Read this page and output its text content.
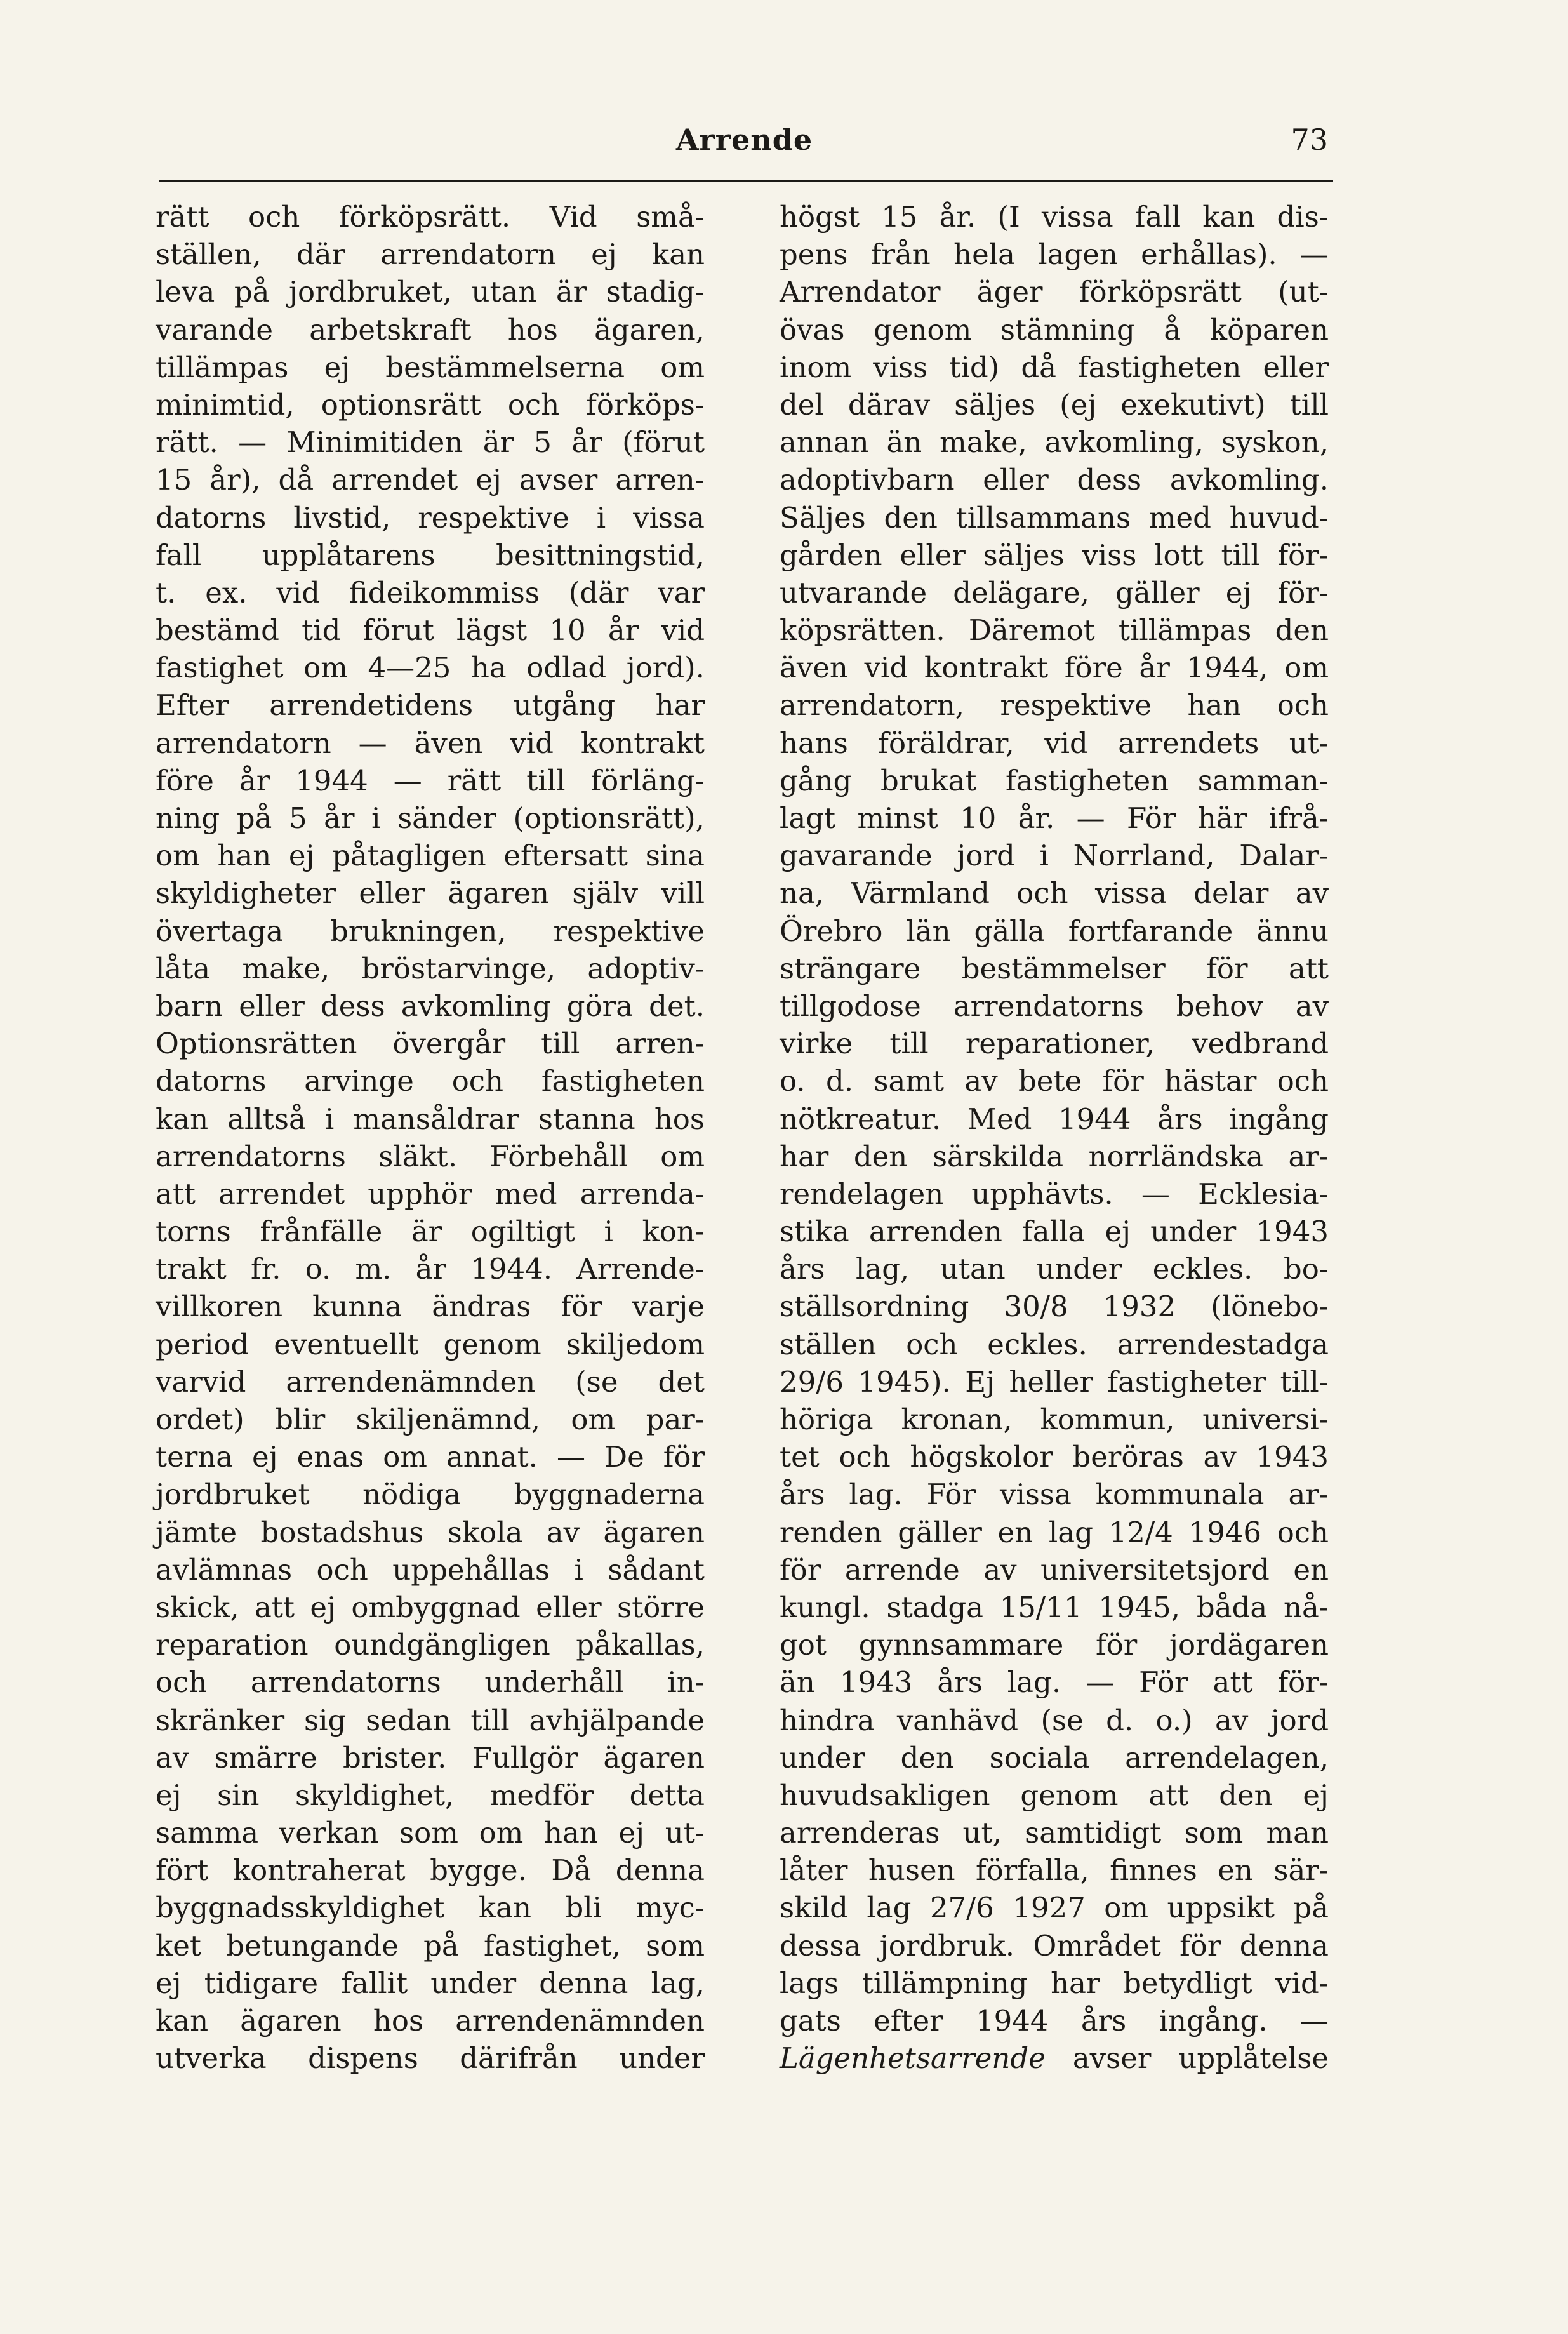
Arrende	73
rätt och förköpsrätt. Vid små-
ställen, där arrendatorn ej kan
leva på jordbruket, utan är stadig-
varande arbetskraft hos ägaren,
tillämpas ej bestämmelserna om
minimtid, optionsrätt och förköps-
rätt. — Minimitiden är 5 år (förut
15 år), då arrendet ej avser arren-
datorns livstid, respektive i vissa
fall upplåtarens besittningstid,
t. ex. vid fideikommiss (där var
bestämd tid förut lägst 10 år vid
fastighet om 4—25 ha odlad jord).
Efter arrendetidens utgång har
arrendatorn — även vid kontrakt
före år 1944 — rätt till förläng-
ning på 5 år i sänder (optionsrätt),
om han ej påtagligen eftersatt sina
skyldigheter eller ägaren själv vill
övertaga brukningen, respektive
låta make, bröstarvinge, adoptiv-
barn eller dess avkomling göra det.
Optionsrätten övergår till arren-
datorns arvinge och fastigheten
kan alltså i mansåldrar stanna hos
arrendatorns släkt. Förbehåll om
att arrendet upphör med arrenda-
torns frånfälle är ogiltigt i kon-
trakt fr. o. m. år 1944. Arrende-
villkoren kunna ändras för varje
period eventuellt genom skiljedom
varvid arrendenämnden (se det
ordet) blir skiljenämnd, om par-
terna ej enas om annat. — De för
jordbruket nödiga byggnaderna
jämte bostadshus skola av ägaren
avlämnas och uppehållas i sådant
skick, att ej ombyggnad eller större
reparation oundgängligen påkallas,
och arrendatorns underhåll in-
skränker sig sedan till avhjälpande
av smärre brister. Fullgör ägaren
ej sin skyldighet, medför detta
samma verkan som om han ej ut-
fört kontraherat bygge. Då denna
byggnadsskyldighet kan bli myc-
ket betungande på fastighet, som
ej tidigare fallit under denna lag,
kan ägaren hos arrendenämnden
utverka dispens därifrån under
högst 15 år. (I vissa fall kan dis-
pens från hela lagen erhållas). —
Arrendator äger förköpsrätt (ut-
övas genom stämning å köparen
inom viss tid) då fastigheten eller
del därav säljes (ej exekutivt) till
annan än make, avkomling, syskon,
adoptivbarn eller dess avkomling.
Säljes den tillsammans med huvud-
gården eller säljes viss lott till för-
utvarande delägare, gäller ej för-
köpsrätten. Däremot tillämpas den
även vid kontrakt före år 1944, om
arrendatorn, respektive han och
hans föräldrar, vid arrendets ut-
gång brukat fastigheten samman-
lagt minst 10 år. — För här ifrå-
gavarande jord i Norrland, Dalar-
na, Värmland och vissa delar av
Örebro län gälla fortfarande ännu
strängare bestämmelser för att
tillgodose arrendatorns behov av
virke till reparationer, vedbrand
o. d. samt av bete för hästar och
nötkreatur. Med 1944 års ingång
har den särskilda norrländska ar-
rendelagen upphävts. — Ecklesia-
stika arrenden falla ej under 1943
års lag, utan under eckles. bo-
ställsordning 30/8 1932 (lönebo-
ställen och eckles. arrendestadga
29/6 1945). Ej heller fastigheter till-
höriga kronan, kommun, universi-
tet och högskolor beröras av 1943
års lag. För vissa kommunala ar-
renden gäller en lag 12/4 1946 och
för arrende av universitetsjord en
kungl. stadga 15/11 1945, båda nå-
got gynnsammare för jordägaren
än 1943 års lag. — För att för-
hindra vanhävd (se d. o.) av jord
under den sociala arrendelagen,
huvudsakligen genom att den ej
arrenderas ut, samtidigt som man
låter husen förfalla, finnes en sär-
skild lag 27/6 1927 om uppsikt på
dessa jordbruk. Området för denna
lags tillämpning har betydligt vid-
gats efter 1944 års ingång. —
Lägenhetsarrende avser upplåtelse
